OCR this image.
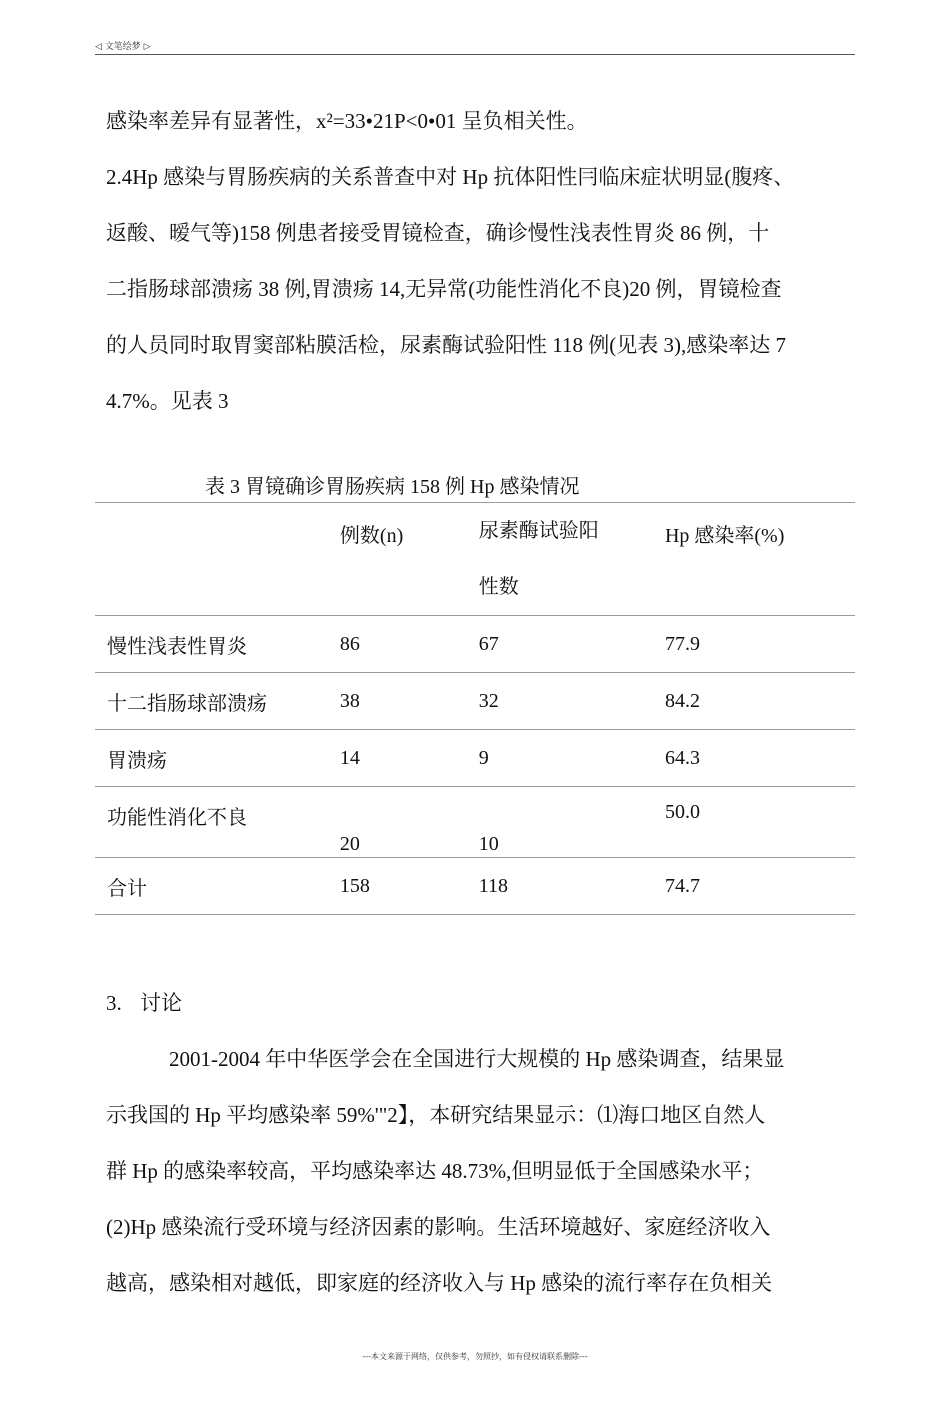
◁ 文笔绘梦 ▷

感染率差异有显著性，x²=33•21P<0•01 呈负相关性。

2.4Hp 感染与胃肠疾病的关系普查中对 Hp 抗体阳性冃临床症状明显(腹疼、

返酸、暧气等)158 例患者接受胃镜检查，确诊慢性浅表性胃炎 86 例，十

二指肠球部溃疡 38 例,胃溃疡 14,无异常(功能性消化不良)20 例，胃镜检查

的人员同时取胃窦部粘膜活检，尿素酶试验阳性 118 例(见表 3),感染率达 7

4.7%。见表 3

表 3 胃镜确诊胃肠疾病 158 例 Hp 感染情况

	例数(n)	尿素酶试验阳
性数	Hp 感染率(%)

慢性浅表性胃炎	86	67	77.9
十二指肠球部溃疡	38	32	84.2
胃溃疡	14	9	64.3
功能性消化不良	20	10	50.0
合计	158	118	74.7
3. 讨论

2001-2004 年中华医学会在全国进行大规模的 Hp 感染调查，结果显

示我国的 Hp 平均感染率 59%'"2】，本研究结果显示：⑴海口地区自然人

群 Hp 的感染率较高，平均感染率达 48.73%,但明显低于全国感染水平；

(2)Hp 感染流行受环境与经济因素的影响。生活环境越好、家庭经济收入

越高，感染相对越低，即家庭的经济收入与 Hp 感染的流行率存在负相关

---本文来源于网络，仅供参考，勿照抄，如有侵权请联系删除---
